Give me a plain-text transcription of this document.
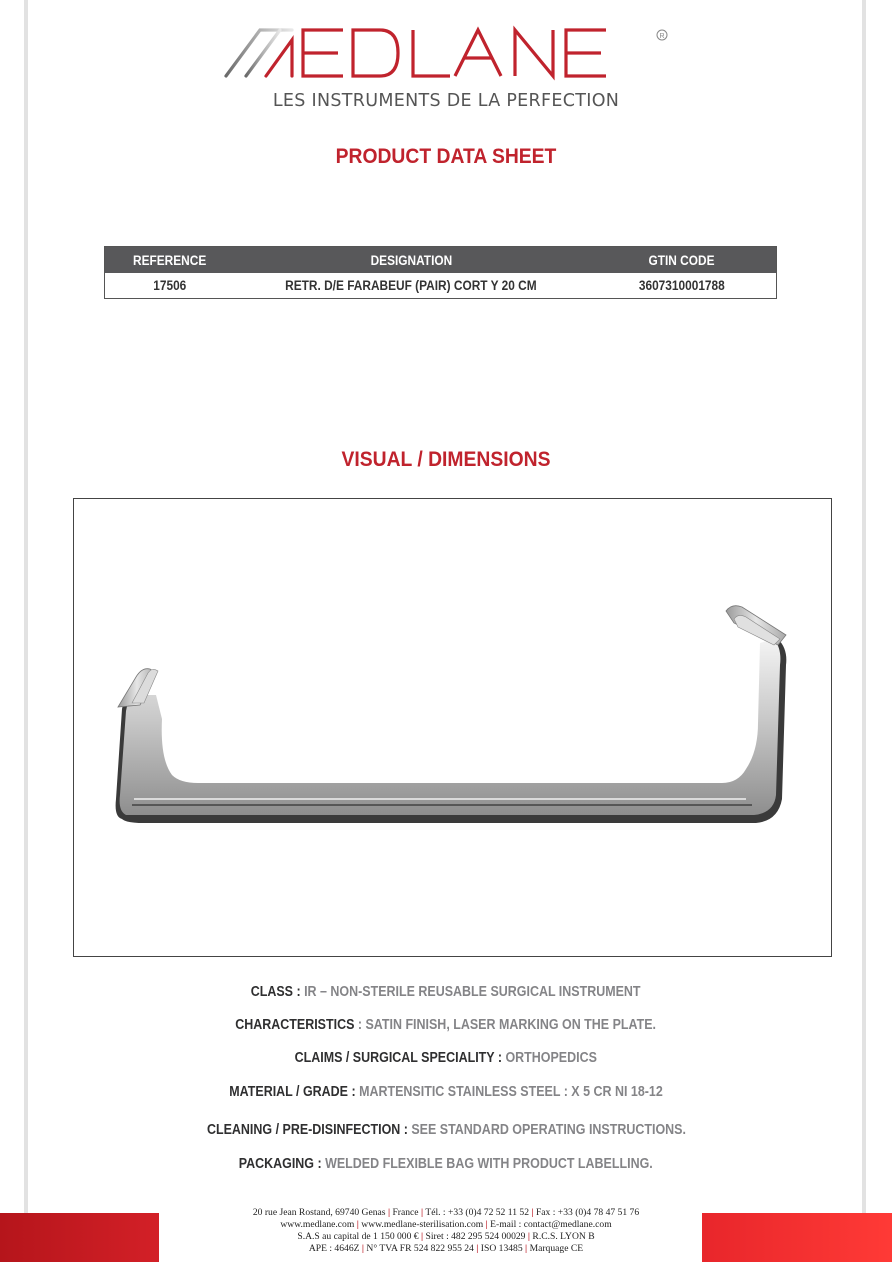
R
LES INSTRUMENTS DE LA PERFECTION
PRODUCT DATA SHEET
REFERENCE	DESIGNATION	GTIN CODE
17506	RETR. D/E FARABEUF (PAIR) CORT Y 20 CM	3607310001788
VISUAL / DIMENSIONS
CLASS : IR – NON-STERILE REUSABLE SURGICAL INSTRUMENT
CHARACTERISTICS : SATIN FINISH, LASER MARKING ON THE PLATE.
CLAIMS / SURGICAL SPECIALITY : ORTHOPEDICS
MATERIAL / GRADE : MARTENSITIC STAINLESS STEEL : X 5 CR NI 18-12
CLEANING / PRE-DISINFECTION : SEE STANDARD OPERATING INSTRUCTIONS.
PACKAGING : WELDED FLEXIBLE BAG WITH PRODUCT LABELLING.
20 rue Jean Rostand, 69740 Genas | France | Tél. : +33 (0)4 72 52 11 52 | Fax : +33 (0)4 78 47 51 76
www.medlane.com | www.medlane-sterilisation.com | E-mail : contact@medlane.com
S.A.S au capital de 1 150 000 € | Siret : 482 295 524 00029 | R.C.S. LYON B
APE : 4646Z | N° TVA FR 524 822 955 24 | ISO 13485 | Marquage CE
